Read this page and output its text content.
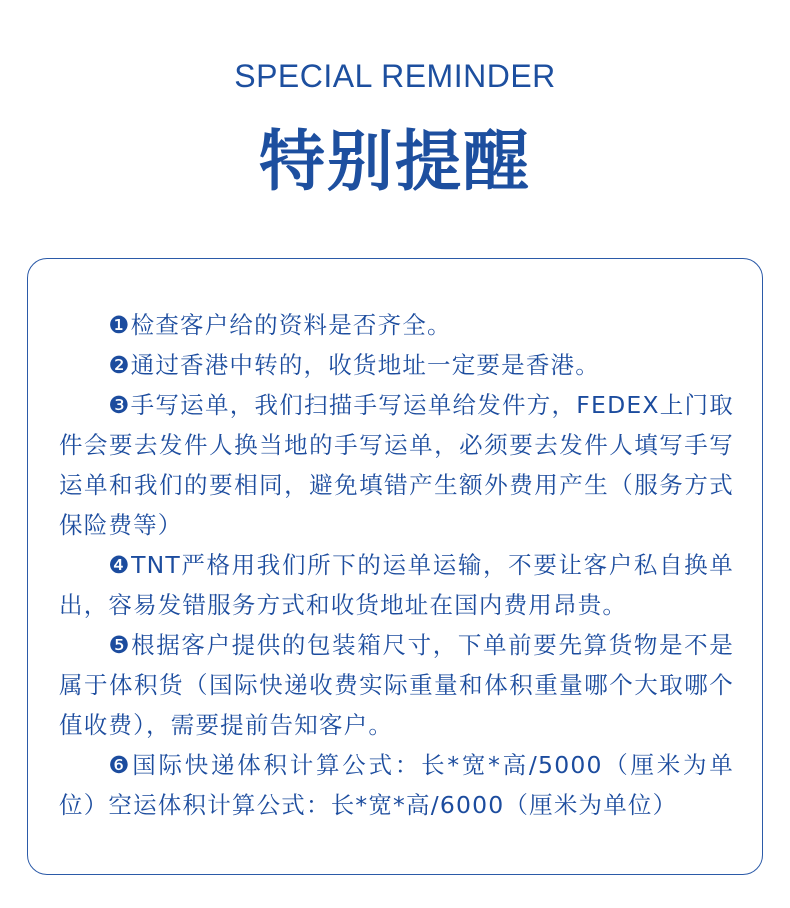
SPECIAL REMINDER
特别提醒

❶检查客户给的资料是否齐全。

❷通过香港中转的，收货地址一定要是香港。

❸手写运单，我们扫描手写运单给发件方，FEDEX上门取件会要去发件人换当地的手写运单，必须要去发件人填写手写运单和我们的要相同，避免填错产生额外费用产生（服务方式保险费等）

❹TNT严格用我们所下的运单运输，不要让客户私自换单出，容易发错服务方式和收货地址在国内费用昂贵。

❺根据客户提供的包装箱尺寸，下单前要先算货物是不是属于体积货（国际快递收费实际重量和体积重量哪个大取哪个值收费），需要提前告知客户。

❻国际快递体积计算公式：长*宽*高/5000（厘米为单位）空运体积计算公式：长*宽*高/6000（厘米为单位）
